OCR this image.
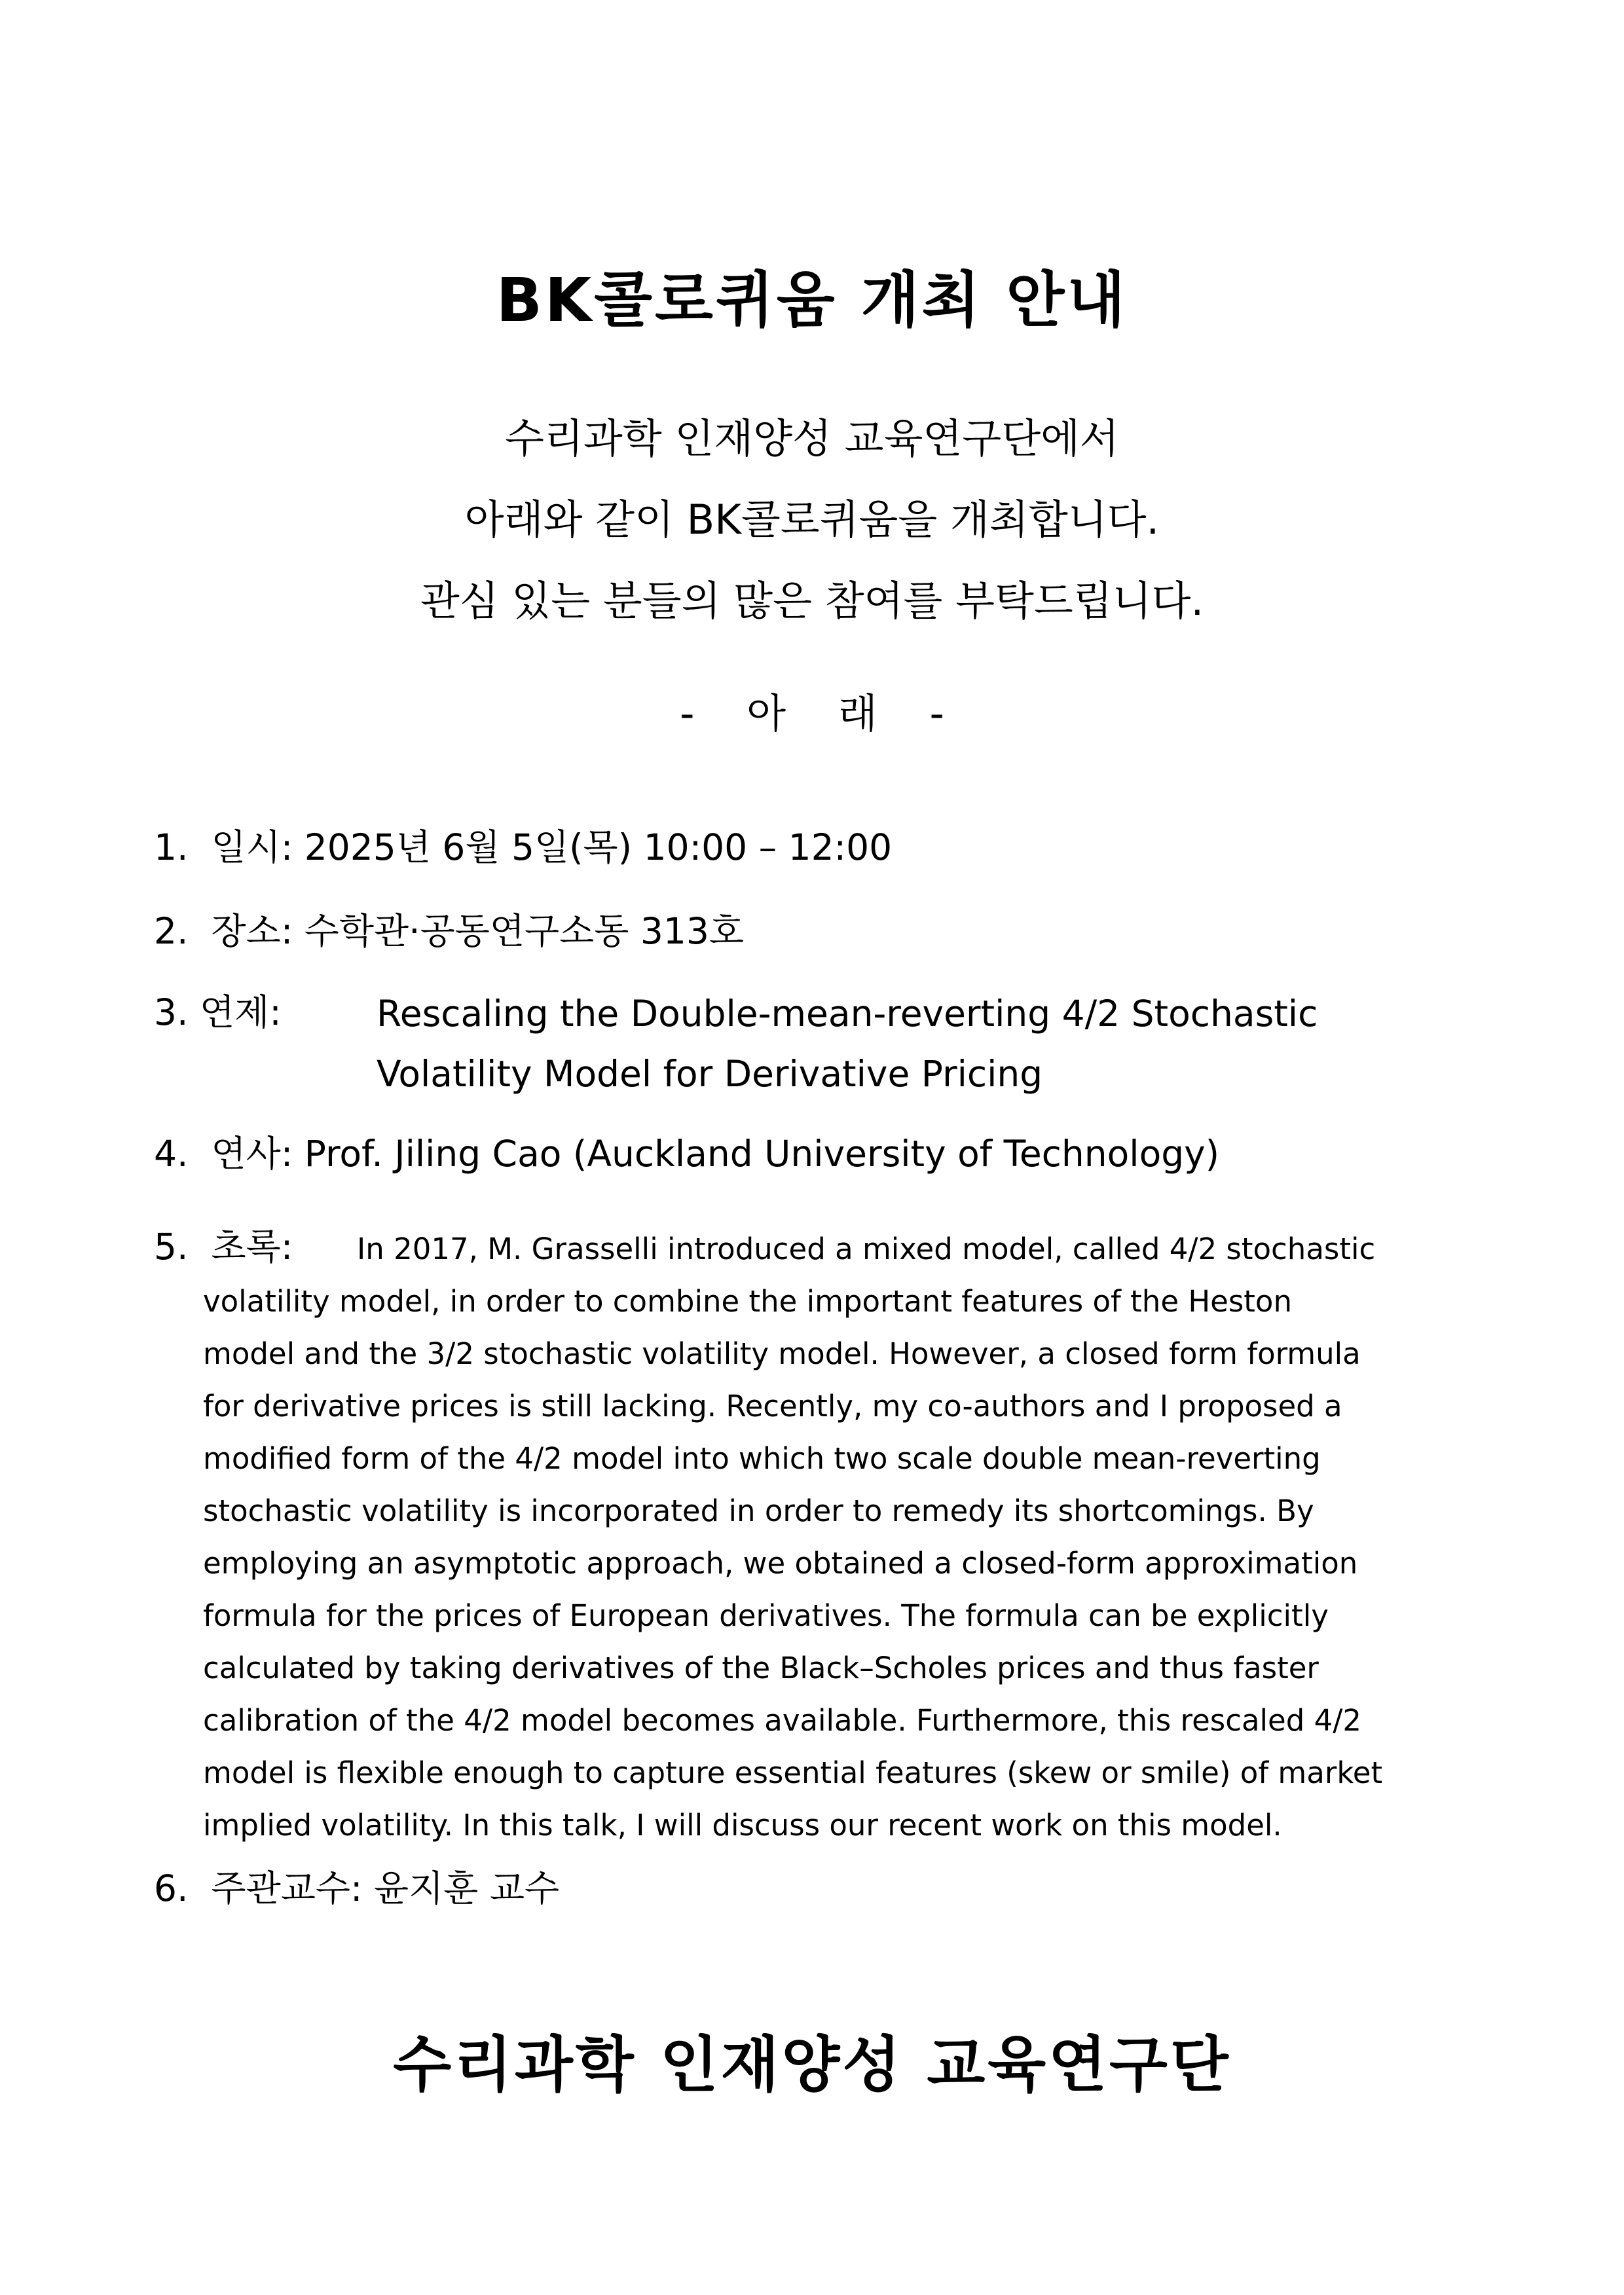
BK콜로퀴움 개최 안내
수리과학 인재양성 교육연구단에서
아래와 같이 BK콜로퀴움을 개최합니다.
관심 있는 분들의 많은 참여를 부탁드립니다.
- 아 래 -
1. 일시: 2025년 6월 5일(목) 10:00 – 12:00
2. 장소: 수학관·공동연구소동 313호
3. 연제:	Rescaling the Double-mean-reverting 4/2 Stochastic
Volatility Model for Derivative Pricing
4. 연사: Prof. Jiling Cao (Auckland University of Technology)
5. 초록:	In 2017, M. Grasselli introduced a mixed model, called 4/2 stochastic
volatility model, in order to combine the important features of the Heston
model and the 3/2 stochastic volatility model. However, a closed form formula
for derivative prices is still lacking. Recently, my co-authors and I proposed a
modified form of the 4/2 model into which two scale double mean-reverting
stochastic volatility is incorporated in order to remedy its shortcomings. By
employing an asymptotic approach, we obtained a closed-form approximation
formula for the prices of European derivatives. The formula can be explicitly
calculated by taking derivatives of the Black–Scholes prices and thus faster
calibration of the 4/2 model becomes available. Furthermore, this rescaled 4/2
model is flexible enough to capture essential features (skew or smile) of market
implied volatility. In this talk, I will discuss our recent work on this model.
6. 주관교수: 윤지훈 교수
수리과학 인재양성 교육연구단
